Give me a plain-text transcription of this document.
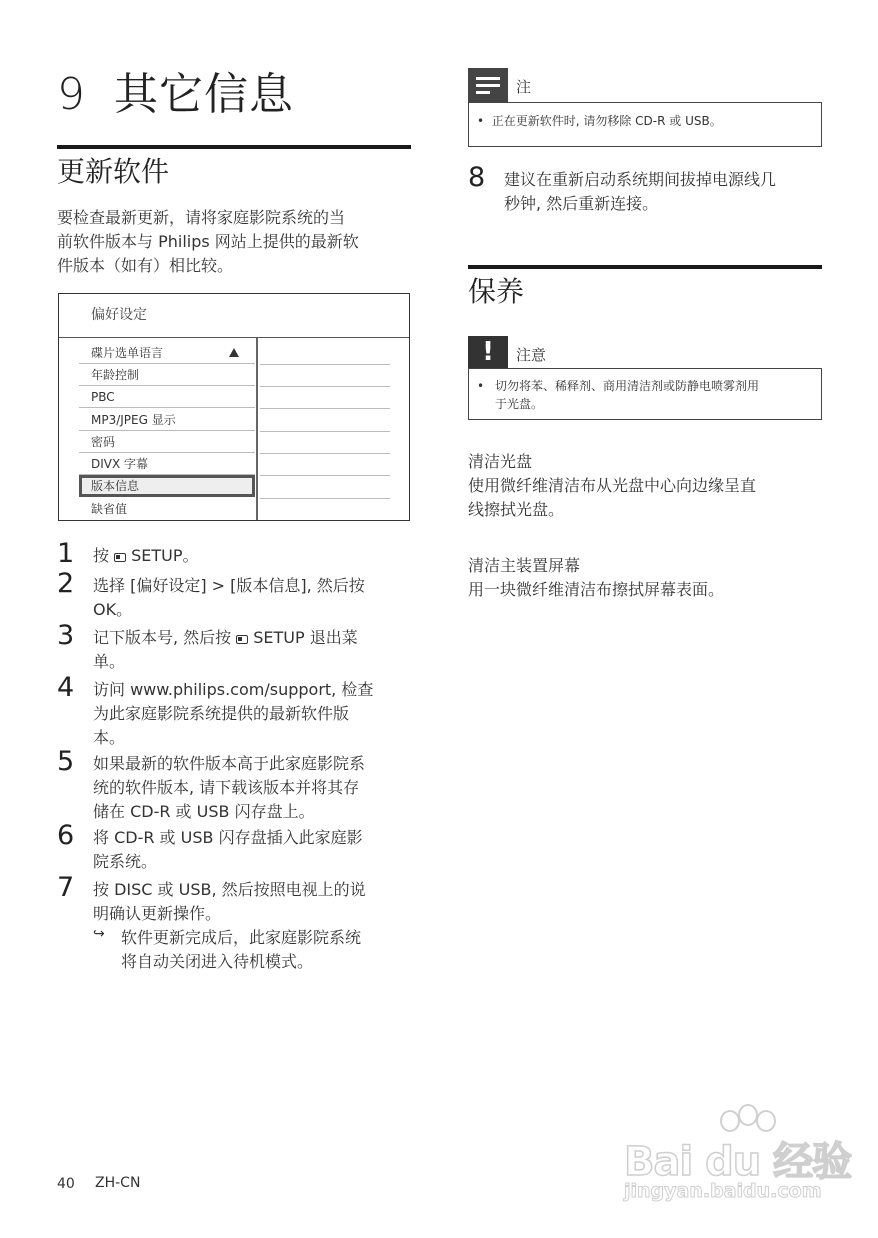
9 其它信息
更新软件
要检查最新更新，请将家庭影院系统的当
前软件版本与 Philips 网站上提供的最新软
件版本（如有）相比较。
偏好设定
碟片选单语言
年龄控制
PBC
MP3/JPEG 显示
密码
DIVX 字幕
版本信息
缺省值
1 按 SETUP。
2 选择 [偏好设定] > [版本信息], 然后按
OK。
3 记下版本号, 然后按 SETUP 退出菜
单。
4 访问 www.philips.com/support, 检查
为此家庭影院系统提供的最新软件版
本。
5 如果最新的软件版本高于此家庭影院系
统的软件版本, 请下载该版本并将其存
储在 CD-R 或 USB 闪存盘上。
6 将 CD-R 或 USB 闪存盘插入此家庭影
院系统。
7 按 DISC 或 USB, 然后按照电视上的说
明确认更新操作。
↪ 软件更新完成后，此家庭影院系统
将自动关闭进入待机模式。
注
•  正在更新软件时, 请勿移除 CD-R 或 USB。
8 建议在重新启动系统期间拔掉电源线几
秒钟, 然后重新连接。
保养
!	注意
• 切勿将苯、稀释剂、商用清洁剂或防静电喷雾剂用
于光盘。
清洁光盘
使用微纤维清洁布从光盘中心向边缘呈直
线擦拭光盘。
清洁主装置屏幕
用一块微纤维清洁布擦拭屏幕表面。
40 ZH-CN	Bai du 经验
jingyan.baidu.com
